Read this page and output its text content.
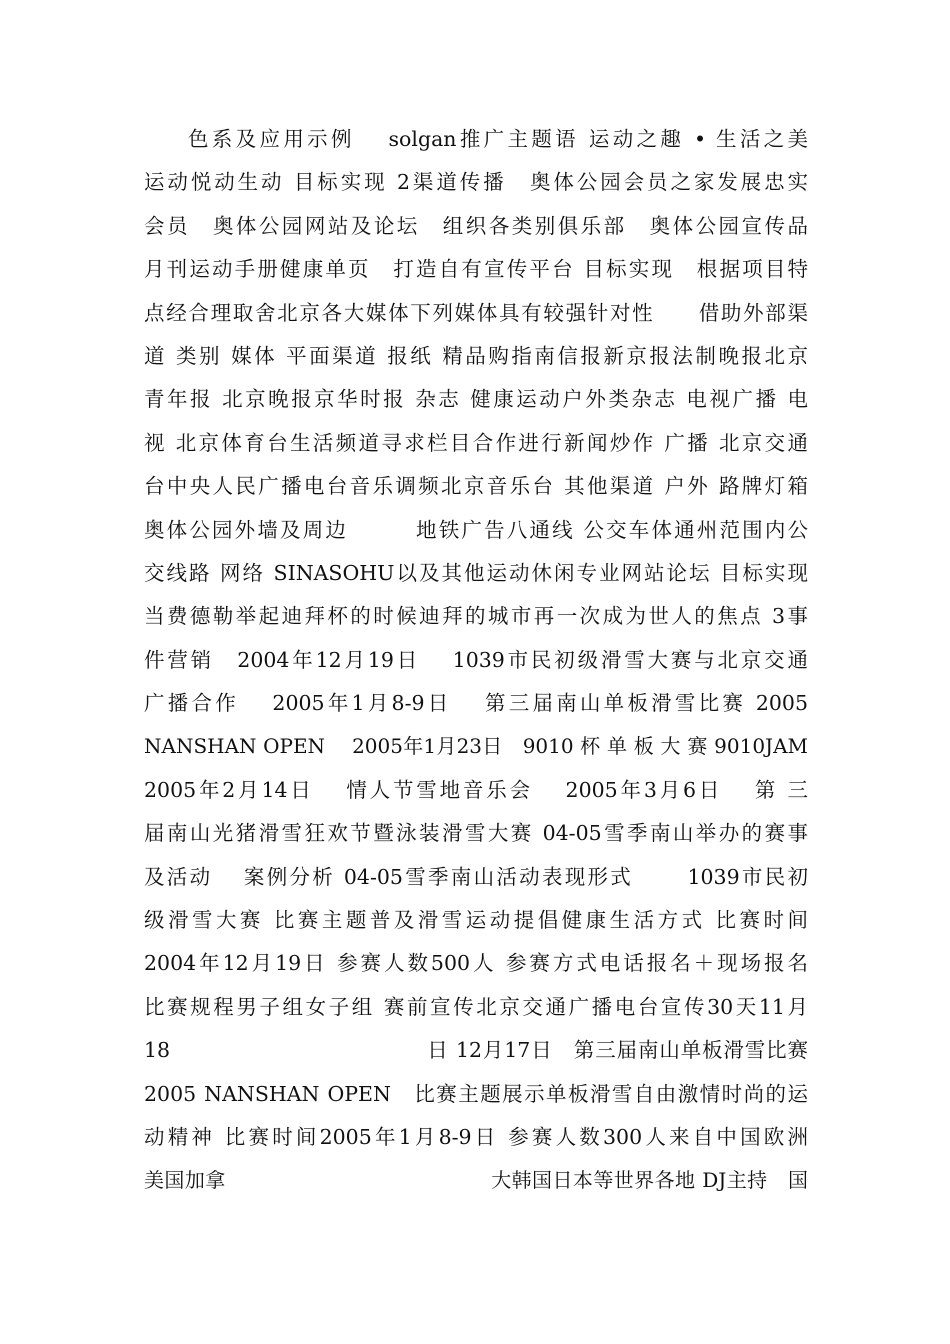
色系及应用示例　 solgan推广主题语 运动之趣 • 生活之美
运动悦动生动 目标实现 2渠道传播　奥体公园会员之家发展忠实
会员　奥体公园网站及论坛　组织各类别俱乐部　奥体公园宣传品
月刊运动手册健康单页　打造自有宣传平台 目标实现　根据项目特
点经合理取舍北京各大媒体下列媒体具有较强针对性　　借助外部渠
道 类别 媒体 平面渠道 报纸 精品购指南信报新京报法制晚报北京
青年报 北京晚报京华时报 杂志 健康运动户外类杂志 电视广播 电
视 北京体育台生活频道寻求栏目合作进行新闻炒作 广播 北京交通
台中央人民广播电台音乐调频北京音乐台 其他渠道 户外 路牌灯箱
奥体公园外墙及周边　　　地铁广告八通线 公交车体通州范围内公
交线路 网络 SINASOHU以及其他运动休闲专业网站论坛 目标实现
当费德勒举起迪拜杯的时候迪拜的城市再一次成为世人的焦点 3事
件营销　2004年12月19日　 1039市民初级滑雪大赛与北京交通
广播合作　 2005年1月8-9日　 第三届南山单板滑雪比赛 2005
NANSHAN OPEN　 2005年1月23日　9010 杯 单 板 大 赛 9010JAM
2005年2月14日　 情人节雪地音乐会　 2005年3月6日　 第 三
届南山光猪滑雪狂欢节暨泳装滑雪大赛 04-05雪季南山举办的赛事
及活动　 案例分析 04-05雪季南山活动表现形式　　 1039市民初
级滑雪大赛 比赛主题普及滑雪运动提倡健康生活方式 比赛时间
2004年12月19日 参赛人数500人 参赛方式电话报名＋现场报名
比赛规程男子组女子组 赛前宣传北京交通广播电台宣传30天11月
18　　　　　　　　　　　　日 12月17日　第三届南山单板滑雪比赛
2005 NANSHAN OPEN　比赛主题展示单板滑雪自由激情时尚的运
动精神 比赛时间2005年1月8-9日 参赛人数300人来自中国欧洲
美国加拿　　　　　　　　　　　　　大韩国日本等世界各地 DJ主持　国
